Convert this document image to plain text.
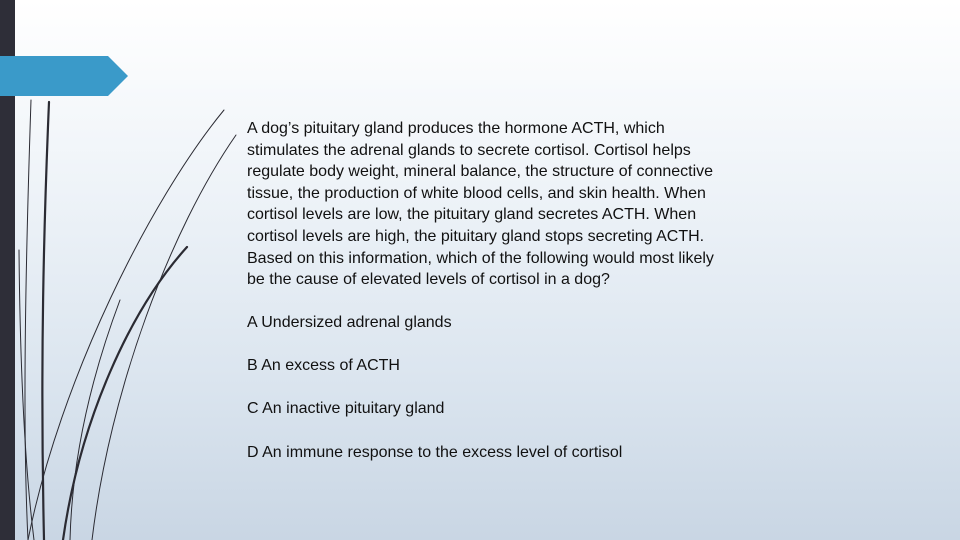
A dog’s pituitary gland produces the hormone ACTH, which stimulates the adrenal glands to secrete cortisol. Cortisol helps regulate body weight, mineral balance, the structure of connective tissue, the production of white blood cells, and skin health. When cortisol levels are low, the pituitary gland secretes ACTH. When cortisol levels are high, the pituitary gland stops secreting ACTH. Based on this information, which of the following would most likely be the cause of elevated levels of cortisol in a dog?

A Undersized adrenal glands

B An excess of ACTH

C An inactive pituitary gland

D An immune response to the excess level of cortisol
